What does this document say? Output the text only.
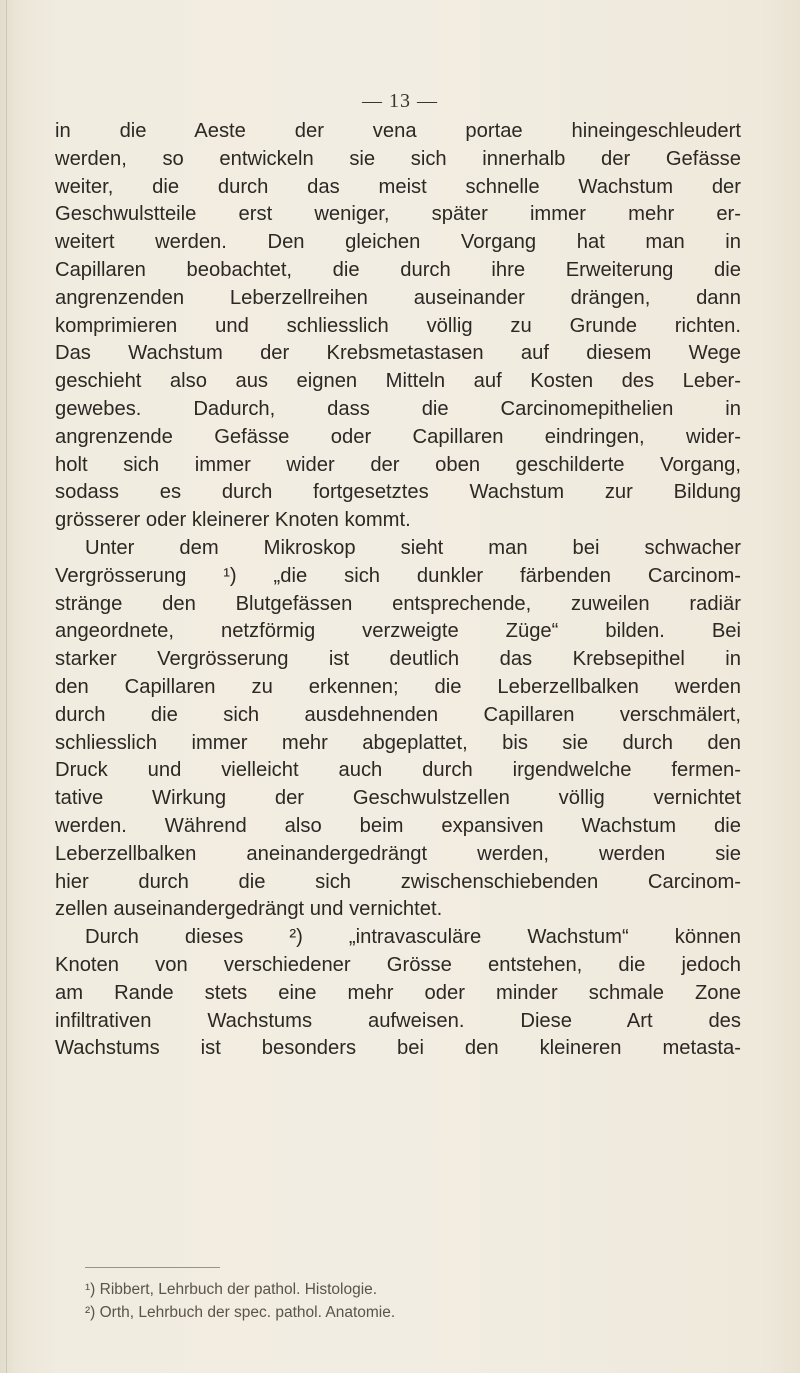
— 13 —
in die Aeste der vena portae hineingeschleudert
werden, so entwickeln sie sich innerhalb der Gefässe
weiter, die durch das meist schnelle Wachstum der
Geschwulstteile erst weniger, später immer mehr er-
weitert werden. Den gleichen Vorgang hat man in
Capillaren beobachtet, die durch ihre Erweiterung die
angrenzenden Leberzellreihen auseinander drängen, dann
komprimieren und schliesslich völlig zu Grunde richten.
Das Wachstum der Krebsmetastasen auf diesem Wege
geschieht also aus eignen Mitteln auf Kosten des Leber-
gewebes. Dadurch, dass die Carcinomepithelien in
angrenzende Gefässe oder Capillaren eindringen, wider-
holt sich immer wider der oben geschilderte Vorgang,
sodass es durch fortgesetztes Wachstum zur Bildung
grösserer oder kleinerer Knoten kommt.
Unter dem Mikroskop sieht man bei schwacher
Vergrösserung ¹) „die sich dunkler färbenden Carcinom-
stränge den Blutgefässen entsprechende, zuweilen radiär
angeordnete, netzförmig verzweigte Züge“ bilden. Bei
starker Vergrösserung ist deutlich das Krebsepithel in
den Capillaren zu erkennen; die Leberzellbalken werden
durch die sich ausdehnenden Capillaren verschmälert,
schliesslich immer mehr abgeplattet, bis sie durch den
Druck und vielleicht auch durch irgendwelche fermen-
tative Wirkung der Geschwulstzellen völlig vernichtet
werden. Während also beim expansiven Wachstum die
Leberzellbalken aneinandergedrängt werden, werden sie
hier durch die sich zwischenschiebenden Carcinom-
zellen auseinandergedrängt und vernichtet.
Durch dieses ²) „intravasculäre Wachstum“ können
Knoten von verschiedener Grösse entstehen, die jedoch
am Rande stets eine mehr oder minder schmale Zone
infiltrativen Wachstums aufweisen. Diese Art des
Wachstums ist besonders bei den kleineren metasta-
¹) Ribbert, Lehrbuch der pathol. Histologie.
²) Orth, Lehrbuch der spec. pathol. Anatomie.
